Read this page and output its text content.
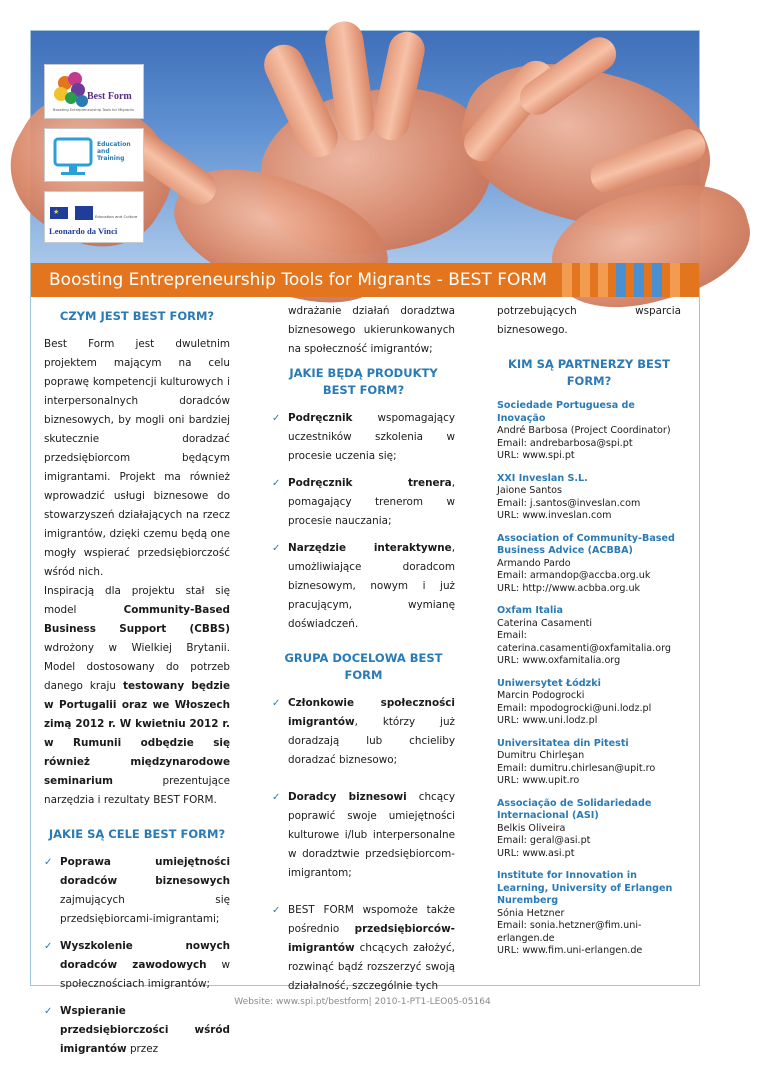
Best Form
Boosting Entrepreneurship Tools for Migrants
Education and Training
★
Education and Culture
Leonardo da Vinci
Boosting Entrepreneurship Tools for Migrants - BEST FORM
CZYM JEST BEST FORM?
Best Form jest dwuletnim projektem mającym na celu poprawę kompetencji kulturowych i interpersonalnych doradców biznesowych, by mogli oni bardziej skutecznie doradzać przedsiębiorcom będącym imigrantami. Projekt ma również wprowadzić usługi biznesowe do stowarzyszeń działających na rzecz imigrantów, dzięki czemu będą one mogły wspierać przedsiębiorczość wśród nich.
Inspiracją dla projektu stał się model	Community-Based Business Support (CBBS) wdrożony w Wielkiej Brytanii. Model dostosowany do potrzeb danego kraju testowany będzie w Portugalii oraz we Włoszech zimą 2012 r. W kwietniu 2012 r. w Rumunii odbędzie się również międzynarodowe seminarium	prezentujące narzędzia i rezultaty BEST FORM.
JAKIE SĄ CELE BEST FORM?
✓ Poprawa umiejętności doradców biznesowych zajmujących się przedsiębiorcami-imigrantami;
✓ Wyszkolenie nowych doradców zawodowych w społecznościach imigrantów;
✓ Wspieranie przedsiębiorczości wśród imigrantów przez
wdrażanie działań doradztwa biznesowego ukierunkowanych na społeczność imigrantów;
JAKIE BĘDĄ PRODUKTY BEST FORM?
✓ Podręcznik wspomagający uczestników szkolenia w procesie uczenia się;
✓ Podręcznik trenera, pomagający trenerom w procesie nauczania;
✓ Narzędzie interaktywne, umożliwiające doradcom biznesowym, nowym i już pracującym, wymianę doświadczeń.
GRUPA DOCELOWA BEST FORM
✓ Członkowie społeczności imigrantów, którzy już doradzają lub chcieliby doradzać biznesowo;
✓ Doradcy biznesowi chcący poprawić swoje umiejętności kulturowe i/lub interpersonalne w doradztwie przedsiębiorcom-imigrantom;
✓ BEST FORM wspomoże także pośrednio przedsiębiorców-imigrantów chcących założyć, rozwinąć bądź rozszerzyć swoją działalność, szczególnie tych
potrzebujących wsparcia biznesowego.
KIM SĄ PARTNERZY BEST FORM?
Sociedade Portuguesa de Inovação
André Barbosa (Project Coordinator)
Email: andrebarbosa@spi.pt
URL: www.spi.pt
XXI Inveslan S.L.
Jaione Santos
Email: j.santos@inveslan.com
URL: www.inveslan.com
Association of Community-Based Business Advice (ACBBA)
Armando Pardo
Email: armandop@accba.org.uk
URL: http://www.acbba.org.uk
Oxfam Italia
Caterina Casamenti
Email:
caterina.casamenti@oxfamitalia.org
URL: www.oxfamitalia.org
Uniwersytet Łódzki
Marcin Podogrocki
Email: mpodogrocki@uni.lodz.pl
URL: www.uni.lodz.pl
Universitatea din Pitesti
Dumitru Chirleşan
Email: dumitru.chirlesan@upit.ro
URL: www.upit.ro
Associação de Solidariedade Internacional (ASI)
Belkis Oliveira
Email: geral@asi.pt
URL: www.asi.pt
Institute for Innovation in Learning, University of Erlangen Nuremberg
Sónia Hetzner
Email: sonia.hetzner@fim.uni-erlangen.de
URL: www.fim.uni-erlangen.de
Website: www.spi.pt/bestform| 2010-1-PT1-LEO05-05164
